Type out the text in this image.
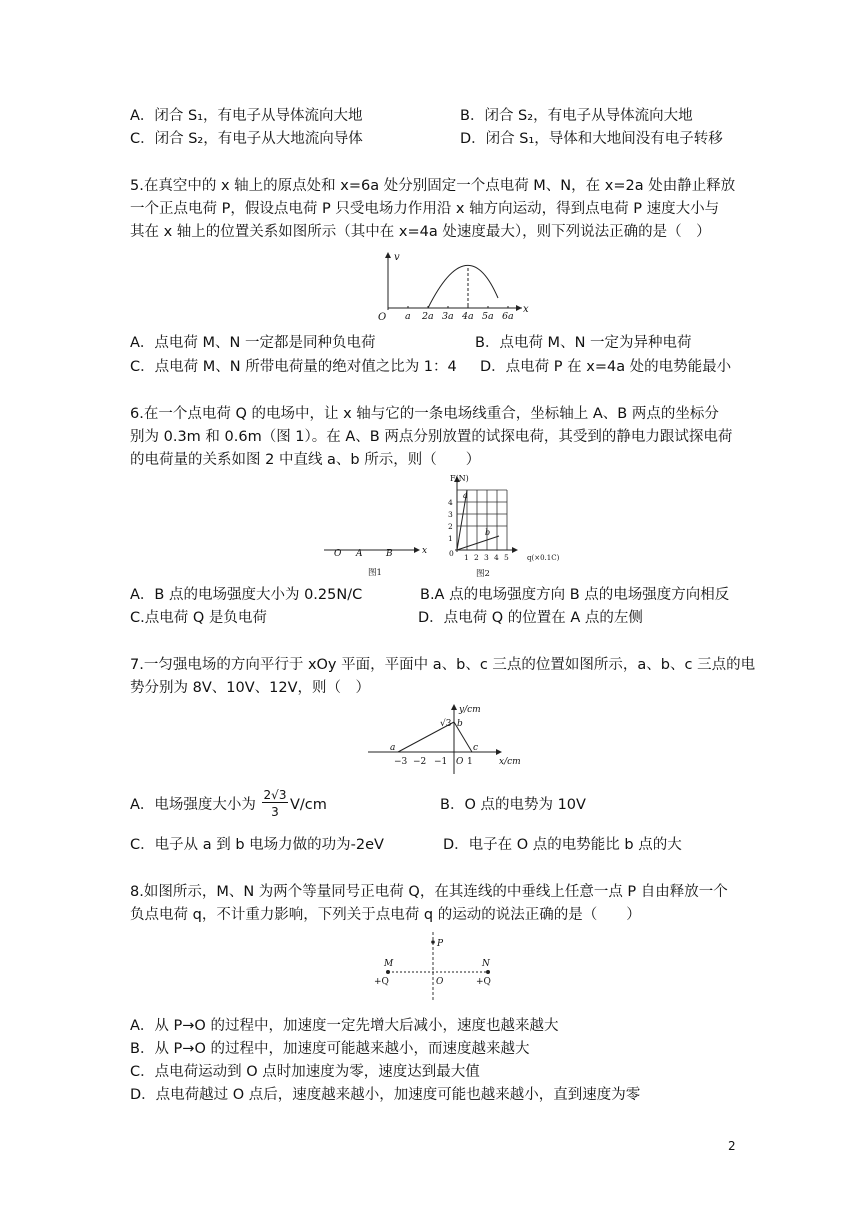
A．闭合 S₁，有电子从导体流向大地	B．闭合 S₂，有电子从导体流向大地
C．闭合 S₂，有电子从大地流向导体	D．闭合 S₁，导体和大地间没有电子转移
5.在真空中的 x 轴上的原点处和 x=6a 处分别固定一个点电荷 M、N，在 x=2a 处由静止释放
一个正点电荷 P，假设点电荷 P 只受电场力作用沿 x 轴方向运动，得到点电荷 P 速度大小与
其在 x 轴上的位置关系如图所示（其中在 x=4a 处速度最大），则下列说法正确的是（　）
v
x
O a 2a 3a 4a 5a 6a
A．点电荷 M、N 一定都是同种负电荷	B．点电荷 M、N 一定为异种电荷
C．点电荷 M、N 所带电荷量的绝对值之比为 1：4 D．点电荷 P 在 x=4a 处的电势能最小
6.在一个点电荷 Q 的电场中，让 x 轴与它的一条电场线重合，坐标轴上 A、B 两点的坐标分
别为 0.3m 和 0.6m（图 1）。在 A、B 两点分别放置的试探电荷，其受到的静电力跟试探电荷
的电荷量的关系如图 2 中直线 a、b 所示，则（　　）
O A	B	x
图1
F(N)
1
2
3
4
0 1 2 3 4 5	q(×0.1C)
a
b
图2
A．B 点的电场强度大小为 0.25N/C	B.A 点的电场强度方向 B 点的电场强度方向相反
C.点电荷 Q 是负电荷	D．点电荷 Q 的位置在 A 点的左侧
7.一匀强电场的方向平行于 xOy 平面，平面中 a、b、c 三点的位置如图所示，a、b、c 三点的电
势分别为 8V、10V、12V，则（　）
y/cm
x/cm
O
−3 −2 −1 1
√3
a
b
c
A．电场强度大小为
2√3
3 V/cm	B．O 点的电势为 10V
C．电子从 a 到 b 电场力做的功为-2eV	D．电子在 O 点的电势能比 b 点的大
8.如图所示，M、N 为两个等量同号正电荷 Q，在其连线的中垂线上任意一点 P 自由释放一个
负点电荷 q，不计重力影响，下列关于点电荷 q 的运动的说法正确的是（　　）
P
M	N
O
+Q	+Q
A．从 P→O 的过程中，加速度一定先增大后减小，速度也越来越大
B．从 P→O 的过程中，加速度可能越来越小，而速度越来越大
C．点电荷运动到 O 点时加速度为零，速度达到最大值
D．点电荷越过 O 点后，速度越来越小，加速度可能也越来越小，直到速度为零
2
